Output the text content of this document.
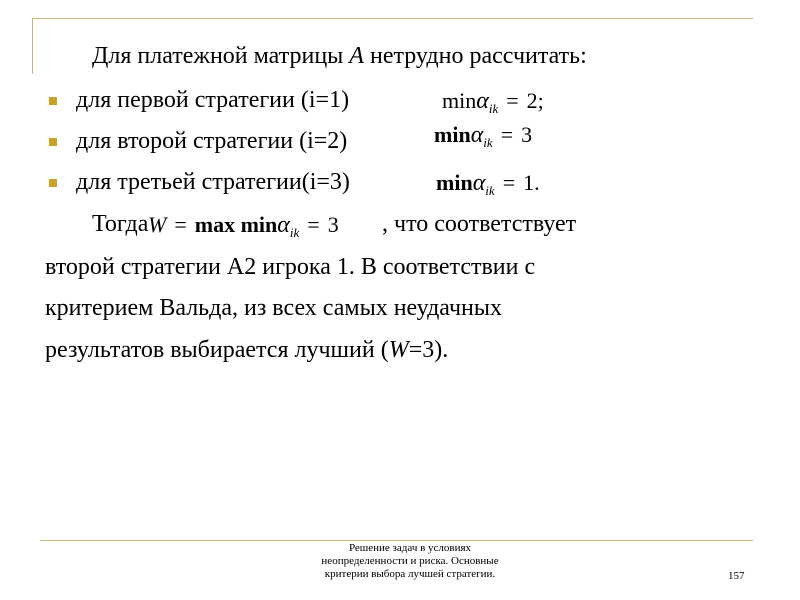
Для платежной матрицы A нетрудно рассчитать:
для первой стратегии (i=1)	minα$_{ik}$ = 2;
для второй стратегии (i=2)	minα$_{ik}$ = 3
для третьей стратегии(i=3)	minα$_{ik}$ = 1.
Тогда W = max minα$_{ik}$ = 3 , что соответствует
второй стратегии А2 игрока 1. В соответствии с
критерием Вальда, из всех самых неудачных
результатов выбирается лучший (W=3).
Решение задач в условиях
неопределенности и риска. Основные
критерии выбора лучшей стратегии.	157
